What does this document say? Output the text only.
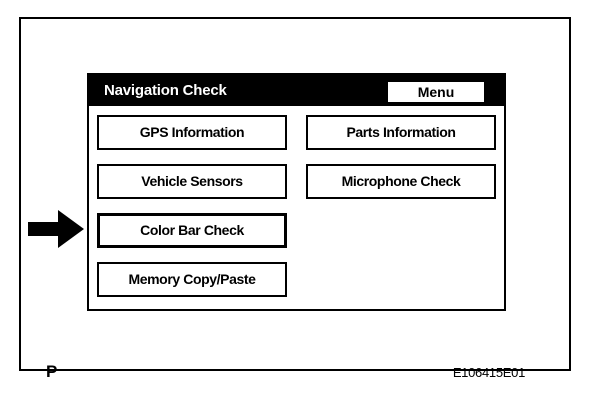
P	E106415E01
Navigation Check	Menu
GPS Information	Parts Information
Vehicle Sensors	Microphone Check
Color Bar Check
Memory Copy/Paste
